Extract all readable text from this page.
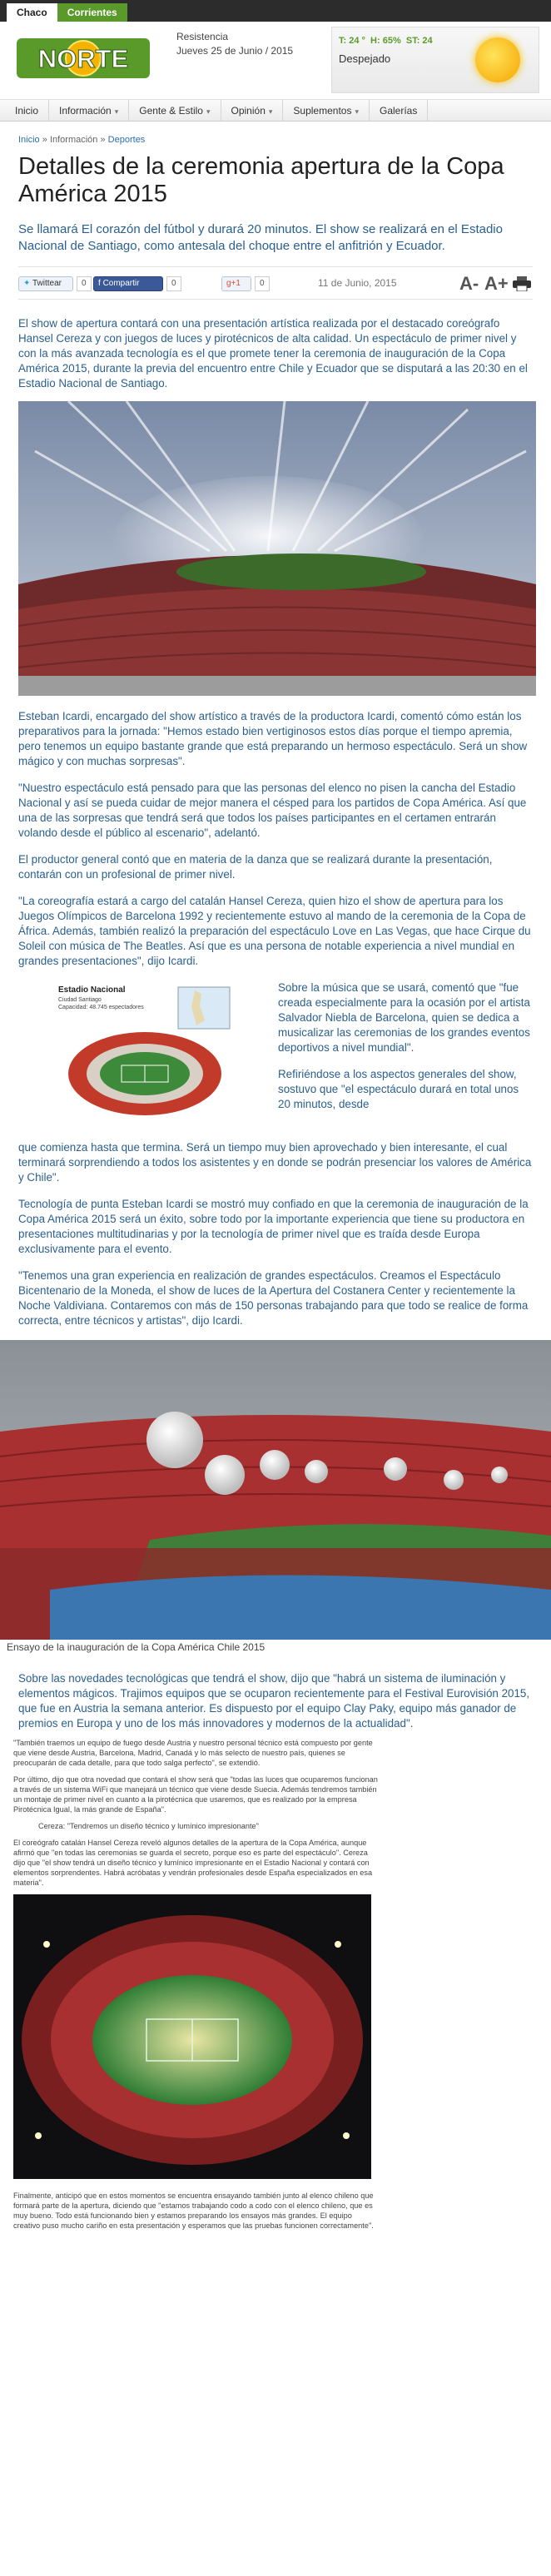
Chaco	Corrientes
NORTE
Resistencia
Jueves 25 de Junio / 2015
T: 24 ° H: 65% ST: 24
Despejado
Inicio	Información ▾	Gente & Estilo ▾	Opinión ▾	Suplementos ▾	Galerías
Inicio » Información » Deportes
Detalles de la ceremonia apertura de la Copa América 2015

Se llamará El corazón del fútbol y durará 20 minutos. El show se realizará en el Estadio Nacional de Santiago, como antesala del choque entre el anfitrión y Ecuador.

✦ Twittear	0	f Compartir	0	g+1	0	11 de Junio, 2015	A- A+

El show de apertura contará con una presentación artística realizada por el destacado coreógrafo Hansel Cereza y con juegos de luces y pirotécnicos de alta calidad. Un espectáculo de primer nivel y con la más avanzada tecnología es el que promete tener la ceremonia de inauguración de la Copa América 2015, durante la previa del encuentro entre Chile y Ecuador que se disputará a las 20:30 en el Estadio Nacional de Santiago.

Esteban Icardi, encargado del show artístico a través de la productora Icardi, comentó cómo están los preparativos para la jornada: "Hemos estado bien vertiginosos estos días porque el tiempo apremia, pero tenemos un equipo bastante grande que está preparando un hermoso espectáculo. Será un show mágico y con muchas sorpresas".

"Nuestro espectáculo está pensado para que las personas del elenco no pisen la cancha del Estadio Nacional y así se pueda cuidar de mejor manera el césped para los partidos de Copa América. Así que una de las sorpresas que tendrá será que todos los países participantes en el certamen entrarán volando desde el público al escenario", adelantó.

El productor general contó que en materia de la danza que se realizará durante la presentación, contarán con un profesional de primer nivel.

"La coreografía estará a cargo del catalán Hansel Cereza, quien hizo el show de apertura para los Juegos Olímpicos de Barcelona 1992 y recientemente estuvo al mando de la ceremonia de la Copa de África. Además, también realizó la preparación del espectáculo Love en Las Vegas, que hace Cirque du Soleil con música de The Beatles. Así que es una persona de notable experiencia a nivel mundial en grandes presentaciones", dijo Icardi.

Estadio Nacional
Ciudad Santiago
Capacidad: 48.745 espectadores

Sobre la música que se usará, comentó que "fue creada especialmente para la ocasión por el artista Salvador Niebla de Barcelona, quien se dedica a musicalizar las ceremonias de los grandes eventos deportivos a nivel mundial".

Refiriéndose a los aspectos generales del show, sostuvo que "el espectáculo durará en total unos 20 minutos, desde

que comienza hasta que termina. Será un tiempo muy bien aprovechado y bien interesante, el cual terminará sorprendiendo a todos los asistentes y en donde se podrán presenciar los valores de América y Chile".

Tecnología de punta Esteban Icardi se mostró muy confiado en que la ceremonia de inauguración de la Copa América 2015 será un éxito, sobre todo por la importante experiencia que tiene su productora en presentaciones multitudinarias y por la tecnología de primer nivel que es traída desde Europa exclusivamente para el evento.

"Tenemos una gran experiencia en realización de grandes espectáculos. Creamos el Espectáculo Bicentenario de la Moneda, el show de luces de la Apertura del Costanera Center y recientemente la Noche Valdiviana. Contaremos con más de 150 personas trabajando para que todo se realice de forma correcta, entre técnicos y artistas", dijo Icardi.

Ensayo de la inauguración de la Copa América Chile 2015

Sobre las novedades tecnológicas que tendrá el show, dijo que "habrá un sistema de iluminación y elementos mágicos. Trajimos equipos que se ocuparon recientemente para el Festival Eurovisión 2015, que fue en Austria la semana anterior. Es dispuesto por el equipo Clay Paky, equipo más ganador de premios en Europa y uno de los más innovadores y modernos de la actualidad".

"También traemos un equipo de fuego desde Austria y nuestro personal técnico está compuesto por gente que viene desde Austria, Barcelona, Madrid, Canadá y lo más selecto de nuestro país, quienes se preocuparán de cada detalle, para que todo salga perfecto", se extendió.

Por último, dijo que otra novedad que contará el show será que "todas las luces que ocuparemos funcionan a través de un sistema WiFi que manejará un técnico que viene desde Suecia. Además tendremos también un montaje de primer nivel en cuanto a la pirotécnica que usaremos, que es realizado por la empresa Pirotécnica Igual, la más grande de España".

Cereza: "Tendremos un diseño técnico y lumínico impresionante"

El coreógrafo catalán Hansel Cereza reveló algunos detalles de la apertura de la Copa América, aunque afirmó que "en todas las ceremonias se guarda el secreto, porque eso es parte del espectáculo". Cereza dijo que "el show tendrá un diseño técnico y lumínico impresionante en el Estadio Nacional y contará con elementos sorprendentes. Habrá acróbatas y vendrán profesionales desde España especializados en esa materia".

Finalmente, anticipó que en estos momentos se encuentra ensayando también junto al elenco chileno que formará parte de la apertura, diciendo que "estamos trabajando codo a codo con el elenco chileno, que es muy bueno. Todo está funcionando bien y estamos preparando los ensayos más grandes. El equipo creativo puso mucho cariño en esta presentación y esperamos que las pruebas funcionen correctamente".
